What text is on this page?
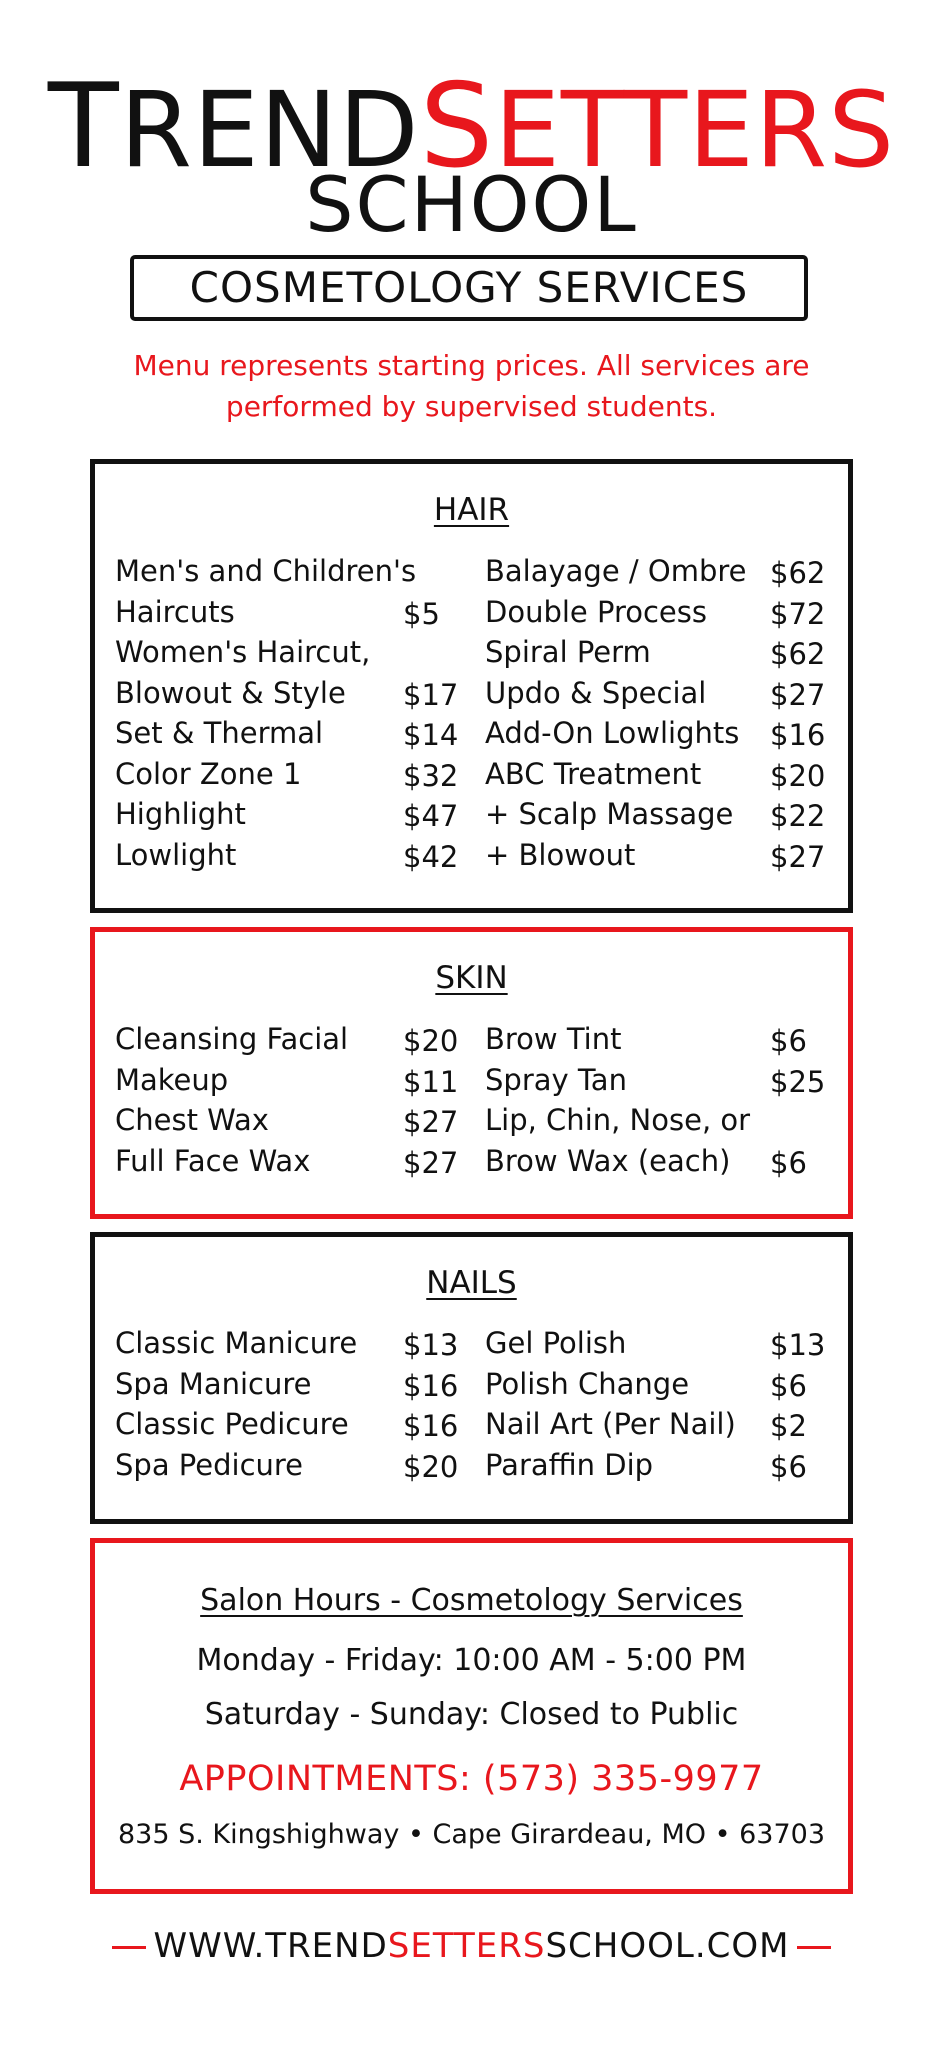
TRENDSETTERS
SCHOOL
COSMETOLOGY SERVICES
Menu represents starting prices. All services are
performed by supervised students.
HAIR
Men's and Children's
Haircuts	$5
Women's Haircut,
Blowout & Style $17
Set & Thermal	$14
Color Zone 1	$32
Highlight	$47
Lowlight	$42
Balayage / Ombre $62
Double Process $72
Spiral Perm	$62
Updo & Special $27
Add-On Lowlights $16
ABC Treatment $20
+ Scalp Massage $22
+ Blowout	$27
SKIN
Cleansing Facial $20
Makeup	$11
Chest Wax	$27
Full Face Wax	$27
Brow Tint	$6
Spray Tan	$25
Lip, Chin, Nose, or
Brow Wax (each) $6
NAILS
Classic Manicure $13
Spa Manicure	$16
Classic Pedicure $16
Spa Pedicure	$20
Gel Polish	$13
Polish Change	$6
Nail Art (Per Nail) $2
Paraffin Dip	$6
Salon Hours - Cosmetology Services
Monday - Friday: 10:00 AM - 5:00 PM
Saturday - Sunday: Closed to Public
APPOINTMENTS: (573) 335-9977
835 S. Kingshighway • Cape Girardeau, MO • 63703
WWW.TRENDSETTERSSCHOOL.COM
